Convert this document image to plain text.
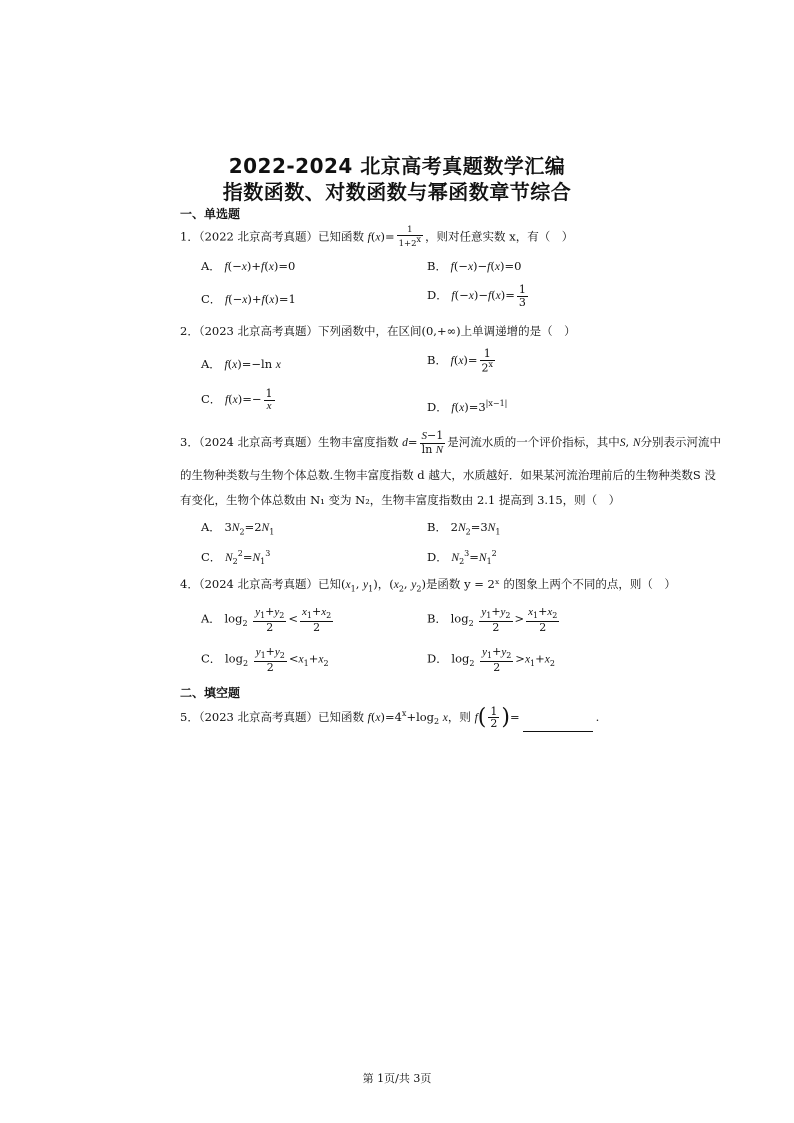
2022-2024 北京高考真题数学汇编
指数函数、对数函数与幂函数章节综合
一、单选题
1．（2022 北京高考真题）已知函数 $f(x)= \frac{1}{1+2x}$ ，则对任意实数 x，有（　）
A． f(−x)+f(x)=0	B． f(−x)−f(x)=0
C． f(−x)+f(x)=1	D． $f(-x)-f(x)= \frac{1}{3}$
2．（2023 北京高考真题）下列函数中，在区间(0,+∞)上单调递增的是（　）
A． f(x)=−ln x	B． $f(x)= \frac{1}{2^x}$
C． $f(x)=- \frac{1}{x}$	D． $f(x)=3^{|x-1|}$
3．（2024 北京高考真题）生物丰富度指数 $d= \frac{S-1}{\text{ln N}}$ 是河流水质的一个评价指标，其中S, N分别表示河流中
的生物种类数与生物个体总数.生物丰富度指数 d 越大，水质越好．如果某河流治理前后的生物种类数S 没
有变化，生物个体总数由 N₁ 变为 N₂，生物丰富度指数由 2.1 提高到 3.15，则（　）
A． $3N_2=2N_1$	B． $2N_2=3N_1$
C． $N_2^2=N_1^3$	D． $N_2^3=N_1^2$
4．（2024 北京高考真题）已知($x_1$, $y_1$)，($x_2$, $y_2$)是函数 y = 2ˣ 的图象上两个不同的点，则（　）
A． $\log_2 \frac{y_1+y_2}{2} < \frac{x_1+x_2}{2}$	B． $\log_2 \frac{y_1+y_2}{2} > \frac{x_1+x_2}{2}$
C． $\log_2 \frac{y_1+y_2}{2} <x_1+x_2$	D． $\log_2 \frac{y_1+y_2}{2} >x_1+x_2$
二、填空题
5．（2023 北京高考真题）已知函数 $f(x)=4^x+\log_2$ x，则 $f( \frac{1}{2}$ )=	.
第 1页/共 3页
